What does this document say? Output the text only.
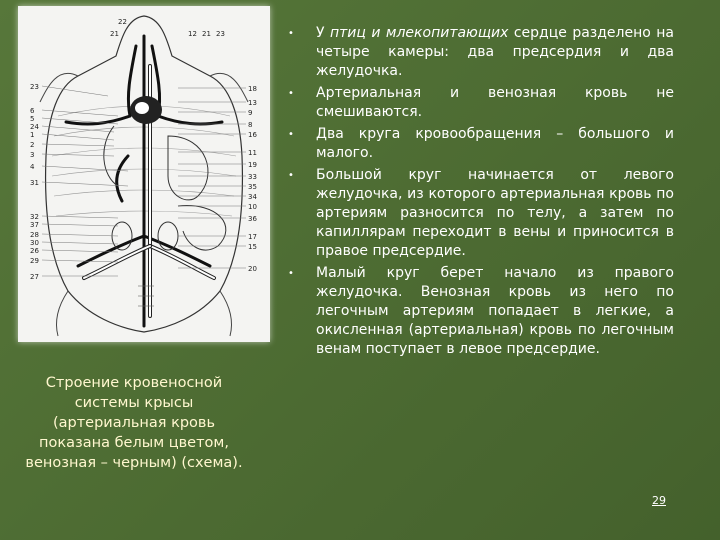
23
6
5
24
1
2
3
4
31
32
37
28
30
26
29
27
18
13
9
8
16
11
19
33
35
34
10
36
17
15
20
22
21	12 21 23
Строение кровеносной
системы крысы
(артериальная кровь
показана белым цветом,
венозная – черным) (схема).
• У птиц и млекопитающих сердце разделено на четыре камеры: два предсердия и два желудочка.
• Артериальная и венозная кровь не смешиваются.
• Два круга кровообращения – большого и малого.
• Большой круг начинается от левого желудочка, из которого артериальная кровь по артериям разносится по телу, а затем по капиллярам переходит в вены и приносится в правое предсердие.
• Малый круг берет начало из правого желудочка. Венозная кровь из него по легочным артериям попадает в легкие, а окисленная (артериальная) кровь по легочным венам поступает в левое предсердие.
29
